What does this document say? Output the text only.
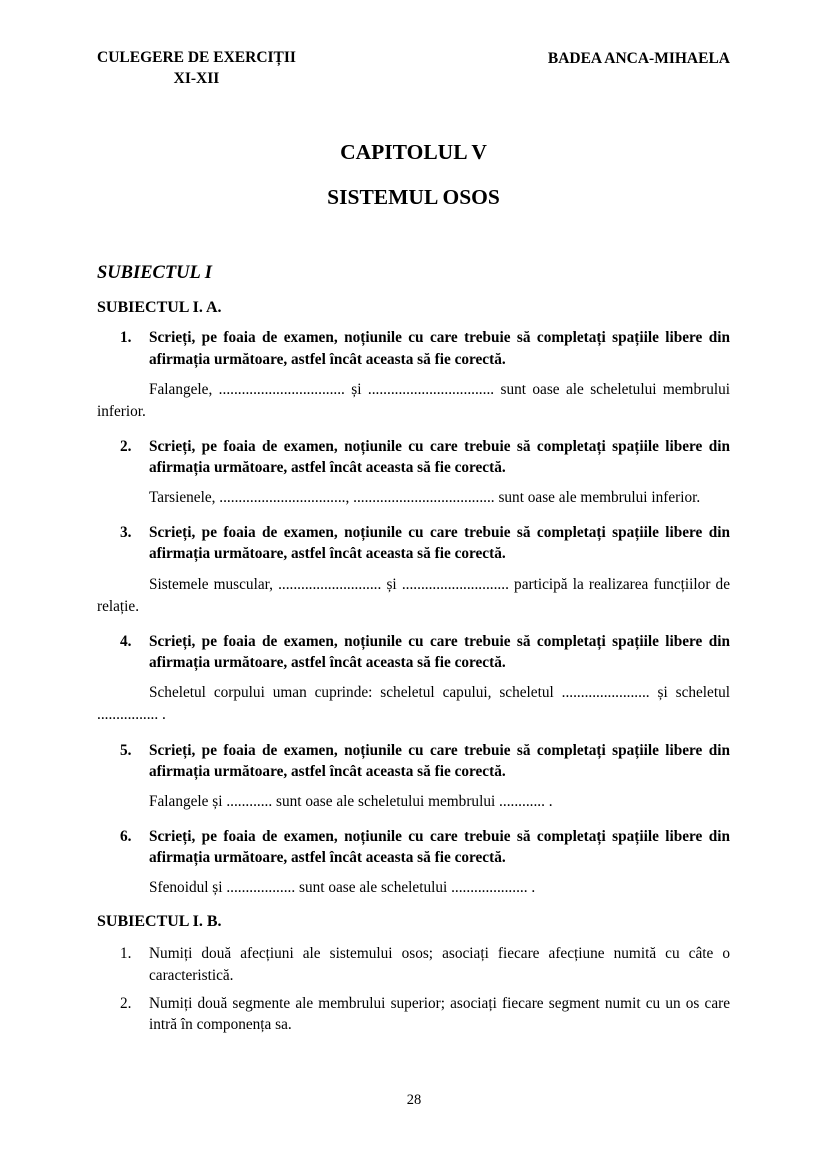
CULEGERE DE EXERCIȚII
XI-XII
BADEA ANCA-MIHAELA
CAPITOLUL V
SISTEMUL OSOS
SUBIECTUL I
SUBIECTUL I. A.
1.	Scrieți, pe foaia de examen, noțiunile cu care trebuie să completați spațiile libere din afirmația următoare, astfel încât aceasta să fie corectă.

Falangele, ................................. și ................................. sunt oase ale scheletului membrului inferior.

2.	Scrieți, pe foaia de examen, noțiunile cu care trebuie să completați spațiile libere din afirmația următoare, astfel încât aceasta să fie corectă.

Tarsienele, ................................., ..................................... sunt oase ale membrului inferior.

3.	Scrieți, pe foaia de examen, noțiunile cu care trebuie să completați spațiile libere din afirmația următoare, astfel încât aceasta să fie corectă.

Sistemele muscular, ........................... și ............................ participă la realizarea funcțiilor de relație.

4.	Scrieți, pe foaia de examen, noțiunile cu care trebuie să completați spațiile libere din afirmația următoare, astfel încât aceasta să fie corectă.

Scheletul corpului uman cuprinde: scheletul capului, scheletul ....................... și scheletul ................ .

5.	Scrieți, pe foaia de examen, noțiunile cu care trebuie să completați spațiile libere din afirmația următoare, astfel încât aceasta să fie corectă.

Falangele și ............ sunt oase ale scheletului membrului ............ .

6.	Scrieți, pe foaia de examen, noțiunile cu care trebuie să completați spațiile libere din afirmația următoare, astfel încât aceasta să fie corectă.

Sfenoidul și .................. sunt oase ale scheletului .................... .

SUBIECTUL I. B.
1.	Numiți două afecțiuni ale sistemului osos; asociați fiecare afecțiune numită cu câte o caracteristică.
2.	Numiți două segmente ale membrului superior; asociați fiecare segment numit cu un os care intră în componența sa.
28
